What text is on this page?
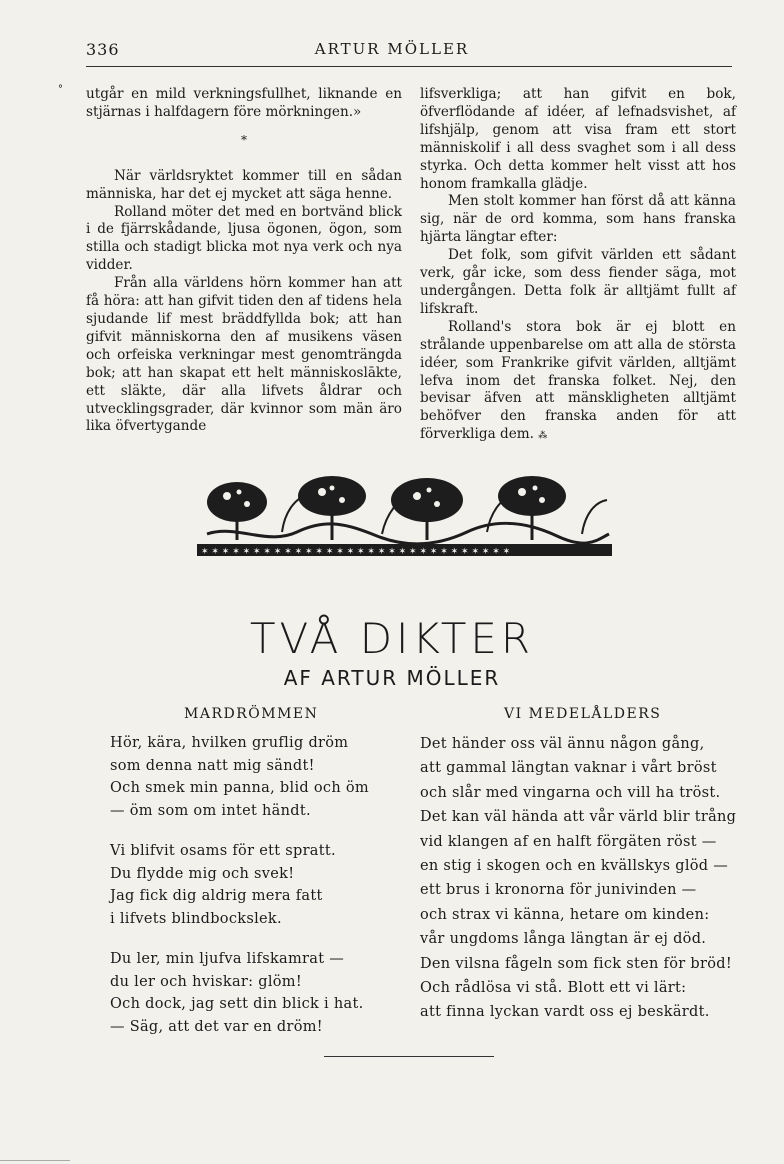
336	ARTUR MÖLLER
° utgår en mild verkningsfullhet, liknande en stjärnas i halfdagern före mörkningen.»

*

När världsryktet kommer till en sådan människa, har det ej mycket att säga henne.

Rolland möter det med en bortvänd blick i de fjärrskådande, ljusa ögonen, ögon, som stilla och stadigt blicka mot nya verk och nya vidder.

Från alla världens hörn kommer han att få höra: att han gifvit tiden den af tidens hela sjudande lif mest bräddfyllda bok; att han gifvit människorna den af musikens väsen och orfeiska verkningar mest genomträngda bok; att han skapat ett helt människoslākte, ett släkte, där alla lifvets åldrar och utvecklingsgrader, där kvinnor som män äro lika öfvertygande

lifsverkliga; att han gifvit en bok, öfverflödande af idéer, af lefnadsvishet, af lifshjälp, genom att visa fram ett stort människolif i all dess svaghet som i all dess styrka. Och detta kommer helt visst att hos honom framkalla glädje.

Men stolt kommer han först då att känna sig, när de ord komma, som hans franska hjärta längtar efter:

Det folk, som gifvit världen ett sådant verk, går icke, som dess fiender säga, mot undergången. Detta folk är alltjämt fullt af lifskraft.

Rolland's stora bok är ej blott en strålande uppenbarelse om att alla de största idéer, som Frankrike gifvit världen, alltjämt lefva inom det franska folket. Nej, den bevisar äfven att mänskligheten alltjämt behöfver den franska anden för att förverkliga dem. ⁂

✶ ✶ ✶ ✶ ✶ ✶ ✶ ✶ ✶ ✶ ✶ ✶ ✶ ✶ ✶ ✶ ✶ ✶ ✶ ✶ ✶ ✶ ✶ ✶ ✶ ✶ ✶ ✶ ✶ ✶
TVÅ DIKTER
AF ARTUR MÖLLER
MARDRÖMMEN
Hör, kära, hvilken gruflig dröm
som denna natt mig sändt!
Och smek min panna, blid och öm
— öm som om intet händt.
Vi blifvit osams för ett spratt.
Du flydde mig och svek!
Jag fick dig aldrig mera fatt
i lifvets blindbockslek.
Du ler, min ljufva lifskamrat —
du ler och hviskar: glöm!
Och dock, jag sett din blick i hat.
— Säg, att det var en dröm!
VI MEDELÅLDERS
Det händer oss väl ännu någon gång,
att gammal längtan vaknar i vårt bröst
och slår med vingarna och vill ha tröst.
Det kan väl hända att vår värld blir trång
vid klangen af en halft förgäten röst —
en stig i skogen och en kvällskys glöd —
ett brus i kronorna för junivinden —
och strax vi känna, hetare om kinden:
vår ungdoms långa längtan är ej död.
Den vilsna fågeln som fick sten för bröd!
Och rådlösa vi stå. Blott ett vi lärt:
att finna lyckan vardt oss ej beskärdt.
